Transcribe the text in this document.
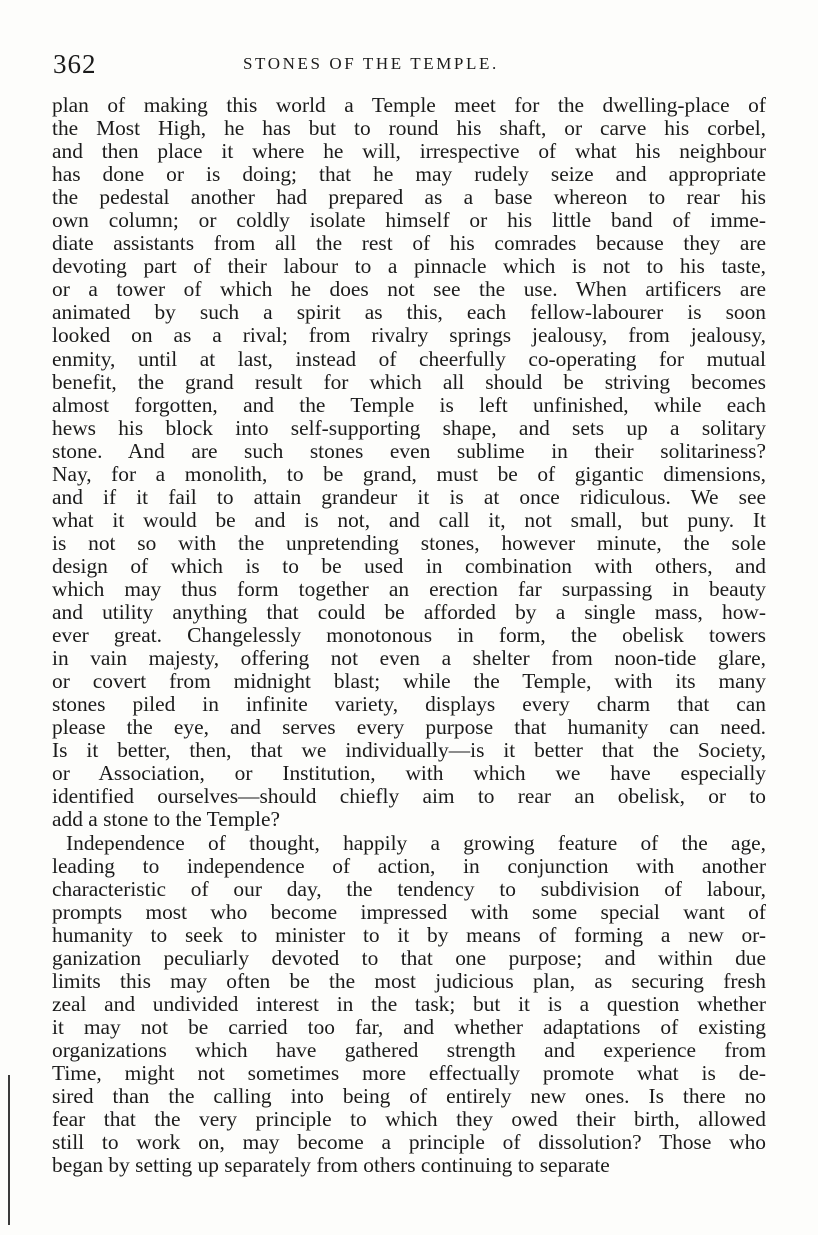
362	STONES OF THE TEMPLE.
plan of making this world a Temple meet for the dwelling-place of
the Most High, he has but to round his shaft, or carve his corbel,
and then place it where he will, irrespective of what his neighbour
has done or is doing; that he may rudely seize and appropriate
the pedestal another had prepared as a base whereon to rear his
own column; or coldly isolate himself or his little band of imme-
diate assistants from all the rest of his comrades because they are
devoting part of their labour to a pinnacle which is not to his taste,
or a tower of which he does not see the use. When artificers are
animated by such a spirit as this, each fellow-labourer is soon
looked on as a rival; from rivalry springs jealousy, from jealousy,
enmity, until at last, instead of cheerfully co-operating for mutual
benefit, the grand result for which all should be striving becomes
almost forgotten, and the Temple is left unfinished, while each
hews his block into self-supporting shape, and sets up a solitary
stone. And are such stones even sublime in their solitariness?
Nay, for a monolith, to be grand, must be of gigantic dimensions,
and if it fail to attain grandeur it is at once ridiculous. We see
what it would be and is not, and call it, not small, but puny. It
is not so with the unpretending stones, however minute, the sole
design of which is to be used in combination with others, and
which may thus form together an erection far surpassing in beauty
and utility anything that could be afforded by a single mass, how-
ever great. Changelessly monotonous in form, the obelisk towers
in vain majesty, offering not even a shelter from noon-tide glare,
or covert from midnight blast; while the Temple, with its many
stones piled in infinite variety, displays every charm that can
please the eye, and serves every purpose that humanity can need.
Is it better, then, that we individually—is it better that the Society,
or Association, or Institution, with which we have especially
identified ourselves—should chiefly aim to rear an obelisk, or to
add a stone to the Temple?
Independence of thought, happily a growing feature of the age,
leading to independence of action, in conjunction with another
characteristic of our day, the tendency to subdivision of labour,
prompts most who become impressed with some special want of
humanity to seek to minister to it by means of forming a new or-
ganization peculiarly devoted to that one purpose; and within due
limits this may often be the most judicious plan, as securing fresh
zeal and undivided interest in the task; but it is a question whether
it may not be carried too far, and whether adaptations of existing
organizations which have gathered strength and experience from
Time, might not sometimes more effectually promote what is de-
sired than the calling into being of entirely new ones. Is there no
fear that the very principle to which they owed their birth, allowed
still to work on, may become a principle of dissolution? Those who
began by setting up separately from others continuing to separate
